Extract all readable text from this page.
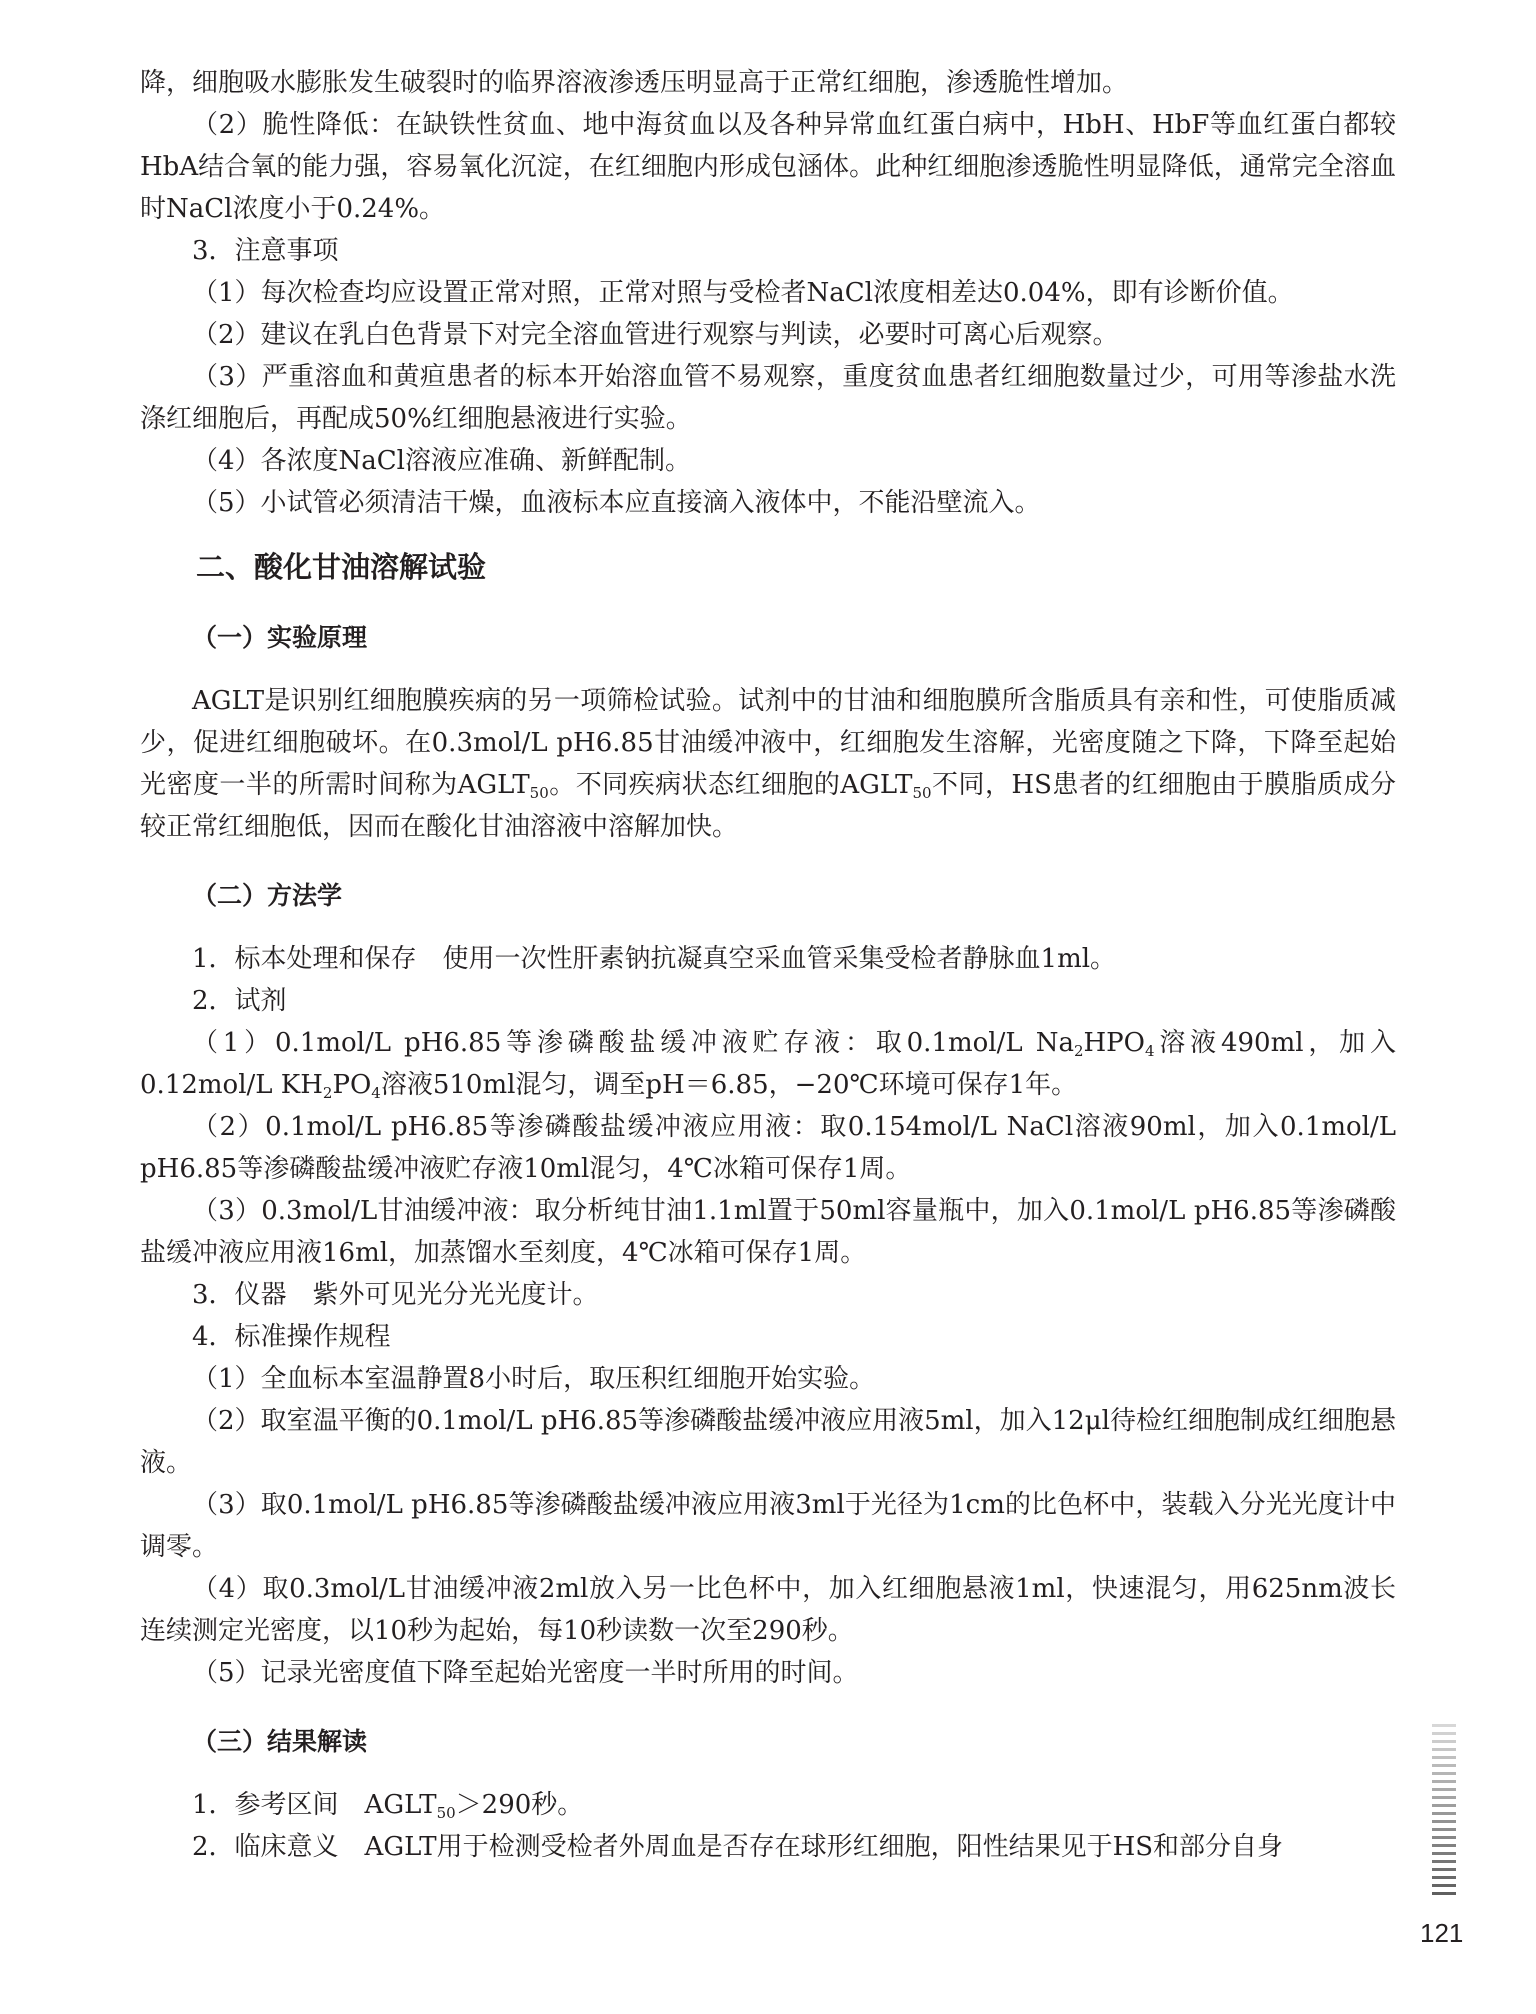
降，细胞吸水膨胀发生破裂时的临界溶液渗透压明显高于正常红细胞，渗透脆性增加。

（2）脆性降低：在缺铁性贫血、地中海贫血以及各种异常血红蛋白病中，HbH、HbF等血红蛋白都较HbA结合氧的能力强，容易氧化沉淀，在红细胞内形成包涵体。此种红细胞渗透脆性明显降低，通常完全溶血时NaCl浓度小于0.24%。

3．注意事项

（1）每次检查均应设置正常对照，正常对照与受检者NaCl浓度相差达0.04%，即有诊断价值。

（2）建议在乳白色背景下对完全溶血管进行观察与判读，必要时可离心后观察。

（3）严重溶血和黄疸患者的标本开始溶血管不易观察，重度贫血患者红细胞数量过少，可用等渗盐水洗涤红细胞后，再配成50%红细胞悬液进行实验。

（4）各浓度NaCl溶液应准确、新鲜配制。

（5）小试管必须清洁干燥，血液标本应直接滴入液体中，不能沿壁流入。

二、酸化甘油溶解试验
（一）实验原理

AGLT是识别红细胞膜疾病的另一项筛检试验。试剂中的甘油和细胞膜所含脂质具有亲和性，可使脂质减少，促进红细胞破坏。在0.3mol/L pH6.85甘油缓冲液中，红细胞发生溶解，光密度随之下降，下降至起始光密度一半的所需时间称为$AGLT_{50}$。不同疾病状态红细胞的$AGLT_{50}$不同，HS患者的红细胞由于膜脂质成分较正常红细胞低，因而在酸化甘油溶液中溶解加快。

（二）方法学

1．标本处理和保存　使用一次性肝素钠抗凝真空采血管采集受检者静脉血1ml。

2．试剂

（1）0.1mol/L pH6.85等渗磷酸盐缓冲液贮存液：取0.1mol/L $Na_2HPO_4$溶液490ml，加入0.12mol/L $KH_2PO_4$溶液510ml混匀，调至pH＝6.85，−20℃环境可保存1年。

（2）0.1mol/L pH6.85等渗磷酸盐缓冲液应用液：取0.154mol/L NaCl溶液90ml，加入0.1mol/L pH6.85等渗磷酸盐缓冲液贮存液10ml混匀，4℃冰箱可保存1周。

（3）0.3mol/L甘油缓冲液：取分析纯甘油1.1ml置于50ml容量瓶中，加入0.1mol/L pH6.85等渗磷酸盐缓冲液应用液16ml，加蒸馏水至刻度，4℃冰箱可保存1周。

3．仪器　紫外可见光分光光度计。

4．标准操作规程

（1）全血标本室温静置8小时后，取压积红细胞开始实验。

（2）取室温平衡的0.1mol/L pH6.85等渗磷酸盐缓冲液应用液5ml，加入12μl待检红细胞制成红细胞悬液。

（3）取0.1mol/L pH6.85等渗磷酸盐缓冲液应用液3ml于光径为1cm的比色杯中，装载入分光光度计中调零。

（4）取0.3mol/L甘油缓冲液2ml放入另一比色杯中，加入红细胞悬液1ml，快速混匀，用625nm波长连续测定光密度，以10秒为起始，每10秒读数一次至290秒。

（5）记录光密度值下降至起始光密度一半时所用的时间。

（三）结果解读

1．参考区间　$AGLT_{50}>290$秒。

2．临床意义　AGLT用于检测受检者外周血是否存在球形红细胞，阳性结果见于HS和部分自身

121
